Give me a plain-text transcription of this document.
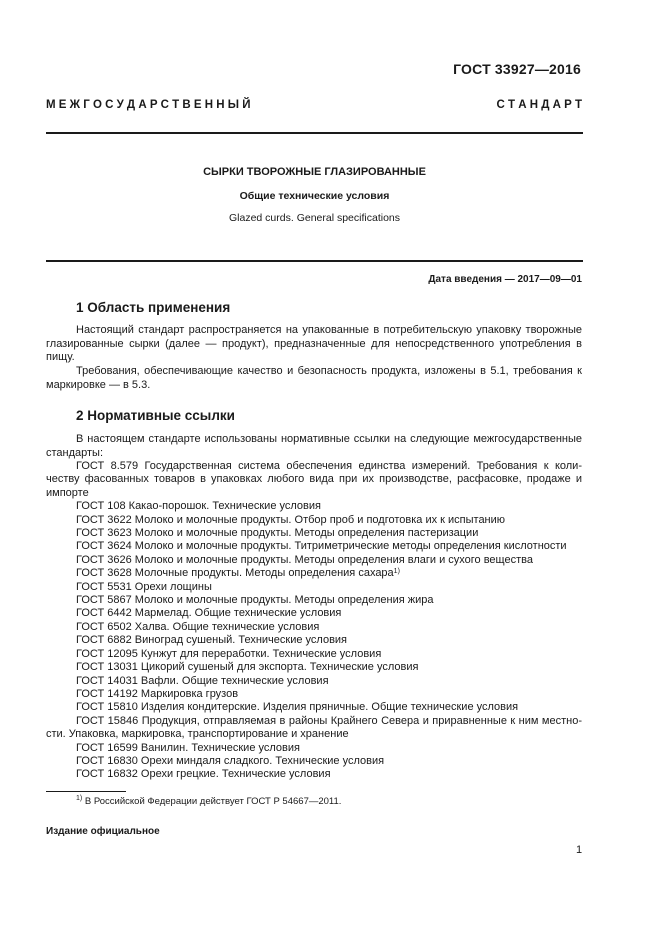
ГОСТ 33927—2016
М Е Ж Г О С У Д А Р С Т В Е Н Н Ы Й	С Т А Н Д А Р Т
СЫРКИ ТВОРОЖНЫЕ ГЛАЗИРОВАННЫЕ
Общие технические условия
Glazed curds. General specifications
Дата введения — 2017—09—01
1 Область применения
Настоящий стандарт распространяется на упакованные в потребительскую упаковку творожные
глазированные сырки (далее — продукт), предназначенные для непосредственного употребления в
пищу.
Требования, обеспечивающие качество и безопасность продукта, изложены в 5.1, требования к
маркировке — в 5.3.
2 Нормативные ссылки
В настоящем стандарте использованы нормативные ссылки на следующие межгосударственные
стандарты:
ГОСТ 8.579 Государственная система обеспечения единства измерений. Требования к коли-
честву фасованных товаров в упаковках любого вида при их производстве, расфасовке, продаже и
импорте
ГОСТ 108 Какао-порошок. Технические условия
ГОСТ 3622 Молоко и молочные продукты. Отбор проб и подготовка их к испытанию
ГОСТ 3623 Молоко и молочные продукты. Методы определения пастеризации
ГОСТ 3624 Молоко и молочные продукты. Титриметрические методы определения кислотности
ГОСТ 3626 Молоко и молочные продукты. Методы определения влаги и сухого вещества
ГОСТ 3628 Молочные продукты. Методы определения сахара$^{1)}$
ГОСТ 5531 Орехи лощины
ГОСТ 5867 Молоко и молочные продукты. Методы определения жира
ГОСТ 6442 Мармелад. Общие технические условия
ГОСТ 6502 Халва. Общие технические условия
ГОСТ 6882 Виноград сушеный. Технические условия
ГОСТ 12095 Кунжут для переработки. Технические условия
ГОСТ 13031 Цикорий сушеный для экспорта. Технические условия
ГОСТ 14031 Вафли. Общие технические условия
ГОСТ 14192 Маркировка грузов
ГОСТ 15810 Изделия кондитерские. Изделия пряничные. Общие технические условия
ГОСТ 15846 Продукция, отправляемая в районы Крайнего Севера и приравненные к ним местно-
сти. Упаковка, маркировка, транспортирование и хранение
ГОСТ 16599 Ванилин. Технические условия
ГОСТ 16830 Орехи миндаля сладкого. Технические условия
ГОСТ 16832 Орехи грецкие. Технические условия
$^{1)}$ В Российской Федерации действует ГОСТ Р 54667—2011.
Издание официальное
1
